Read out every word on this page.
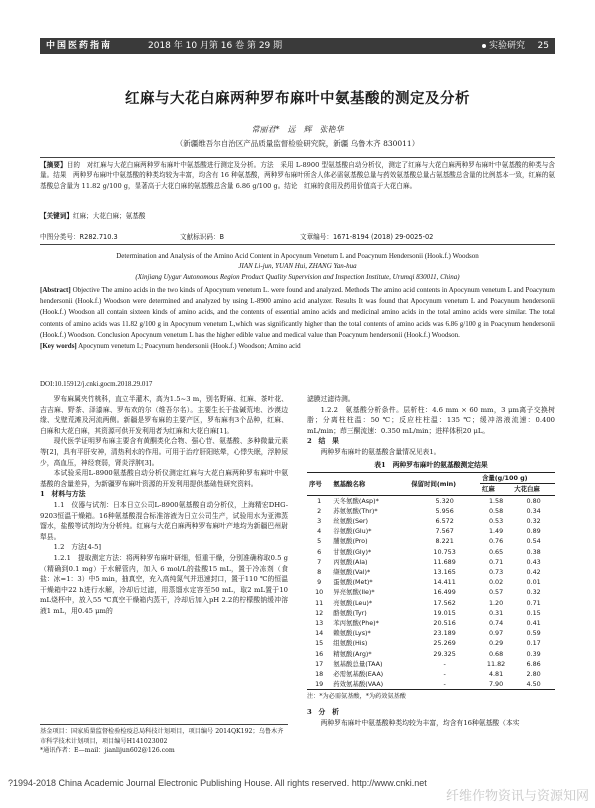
中国医药指南	2018 年 10 月第 16 卷 第 29 期	实验研究 25
红麻与大花白麻两种罗布麻叶中氨基酸的测定及分析
常丽君*　远　辉　张艳华
（新疆维吾尔自治区产品质量监督检验研究院，新疆 乌鲁木齐 830011）
【摘要】目的　对红麻与大花白麻两种罗布麻叶中氨基酸进行测定及分析。方法　采用 L-8900 型氨基酸自动分析仪，测定了红麻与大花白麻两种罗布麻叶中氨基酸的种类与含量。结果　两种罗布麻叶中氨基酸的种类均较为丰富，均含有 16 种氨基酸，两种罗布麻叶所含人体必需氨基酸总量与药效氨基酸总量占氨基酸总含量的比例基本一致，红麻的氨基酸总含量为 11.82 g/100 g，显著高于大花白麻的氨基酸总含量 6.86 g/100 g。结论　红麻的食用及药用价值高于大花白麻。
【关键词】红麻；大花白麻；氨基酸
中图分类号：R282.710.3	文献标识码：B	文章编号：1671-8194 (2018) 29-0025-02
Determination and Analysis of the Amino Acid Content in Apocynum Venetum L and Poacynum Hendersonii (Hook.f.) Woodson
JIAN Li-jun, YUAN Hui, ZHANG Yan-hua
(Xinjiang Uygur Autonomous Region Product Quality Supervision and Inspection Institute, Urumqi 830011, China)
[Abstract] Objective The amino acids in the two kinds of Apocynum venetum L. were found and analyzed. Methods The amino acid contents in Apocynum venetum L and Poacynum hendersonii (Hook.f.) Woodson were determined and analyzed by using L-8900 amino acid analyzer. Results It was found that Apocynum venetum L and Poacynum hendersonii (Hook.f.) Woodson all contain sixteen kinds of amino acids, and the contents of essential amino acids and medicinal amino acids in the total amino acids were similar. The total contents of amino acids was 11.82 g/100 g in Apocynum venetum L,which was significantly higher than the total contents of amino acids was 6.86 g/100 g in Poacynum hendersonii (Hook.f.) Woodson. Conclusion Apocynum venetum L has the higher edible value and medical value than Poacynum hendersonii (Hook.f.) Woodson.
[Key words] Apocynum venetum L; Poacynum hendersonii (Hook.f.) Woodson; Amino acid
DOI:10.15912/j.cnki.gocm.2018.29.017

罗布麻属夹竹桃科，直立半灌木，高为1.5~3 m，别名野麻、红麻、茶叶花、吉吉麻、野茶、泽漆麻、罗布欢的尔（维吾尔名）。主要生长于盐碱荒地、沙漠边缘、戈壁荒滩及河流两侧。新疆是罗布麻的主要产区，罗布麻有3个品种，红麻、白麻和大花白麻，其资源可供开发利用者为红麻和大花白麻[1]。

现代医学证明罗布麻主要含有黄酮类化合物、强心苷、氨基酸、多种微量元素等[2]，具有平肝安神，清热利水的作用。可用于治疗肝阳眩晕，心悸失眠，浮肿尿少，高血压，神经衰弱，肾炎浮肿[3]。

本试验采用L-8900氨基酸自动分析仪测定红麻与大花白麻两种罗布麻叶中氨基酸的含量差异，为新疆罗布麻叶资源的开发利用提供基础性研究资料。

1　材料与方法

1.1　仪器与试剂：日本日立公司L-8900氨基酸自动分析仪，上海精宏DHG-9203恒温干燥箱。16种氨基酸混合标准溶液为日立公司生产，试验用水为亚沸蒸馏水，盐酸等试剂均为分析纯。红麻与大花白麻两种罗布麻叶产地均为新疆巴州尉犁县。

1.2　方法[4-5]

1.2.1　提取测定方法：将两种罗布麻叶研细，恒重干燥，分别准确称取0.5 g（精确到0.1 mg）于水解管内，加入 6 mol/L的盐酸15 mL，置于冷冻剂（食盐：冰=1：3）中5 min，抽真空，充入高纯氮气并迅速封口，置于110 ℃的恒温干燥箱中22 h进行水解，冷却后过滤，用蒸馏水定容至50 mL，取2 mL置于10 mL烧杯中，放入55 ℃真空干燥箱内蒸干，冷却后加入pH 2.2的柠檬酸钠缓冲溶液1 mL，用0.45 μm的

滤膜过滤待测。

1.2.2　氨基酸分析条件。层析柱：4.6 mm × 60 mm，3 μm离子交换树脂；分离柱柱温：50 ℃；反应柱柱温：135 ℃；缓冲溶液流速：0.400 mL/min；茚三酮流速：0.350 mL/min；进样体积20 μL。

2　结　果

两种罗布麻叶的氨基酸含量情况见表1。

表1　两种罗布麻叶的氨基酸测定结果
序号	氨基酸名称	保留时间(min)	含量(g/100 g)	
			红麻	大花白麻
1	天冬氨酸(Asp)*	5.320	1.58	0.80
2	苏氨氨酸(Thr)*	5.956	0.58	0.34
3	丝氨酸(Ser)	6.572	0.53	0.32
4	谷氨酸(Glu)*	7.567	1.49	0.89
5	脯氨酸(Pro)	8.221	0.76	0.54
6	甘氨酸(Gly)*	10.753	0.65	0.38
7	丙氨酸(Ala)	11.689	0.71	0.43
8	缬氨酸(Val)*	13.165	0.73	0.42
9	蛋氨酸(Met)*	14.411	0.02	0.01
10	异亮氨酸(Ile)*	16.499	0.57	0.32
11	亮氨酸(Leu)*	17.562	1.20	0.71
12	酪氨酸(Tyr)	19.015	0.31	0.15
13	苯丙氨酸(Phe)*	20.516	0.74	0.41
14	赖氨酸(Lys)*	23.189	0.97	0.59
15	组氨酸(His)	25.269	0.29	0.17
16	精氨酸(Arg)*	29.325	0.68	0.39
17	氨基酸总量(TAA)	-	11.82	6.86
18	必需氨基酸(EAA)	-	4.81	2.80
19	药效氨基酸(VAA)	-	7.90	4.50
注：*为必需氨基酸，*为药效氨基酸

3　分　析

两种罗布麻叶中氨基酸种类均较为丰富，均含有16种氨基酸（本实

基金项目：国家质量监督检验检疫总局科技计划项目，项目编号 2014QK192；乌鲁木齐市科学技术计划项目，项目编号H141023002
*通讯作者：E—mail：jianlijun602@126.com
?1994-2018 China Academic Journal Electronic Publishing House. All rights reserved. http://www.cnki.net
纤维作物资讯与资源知网
